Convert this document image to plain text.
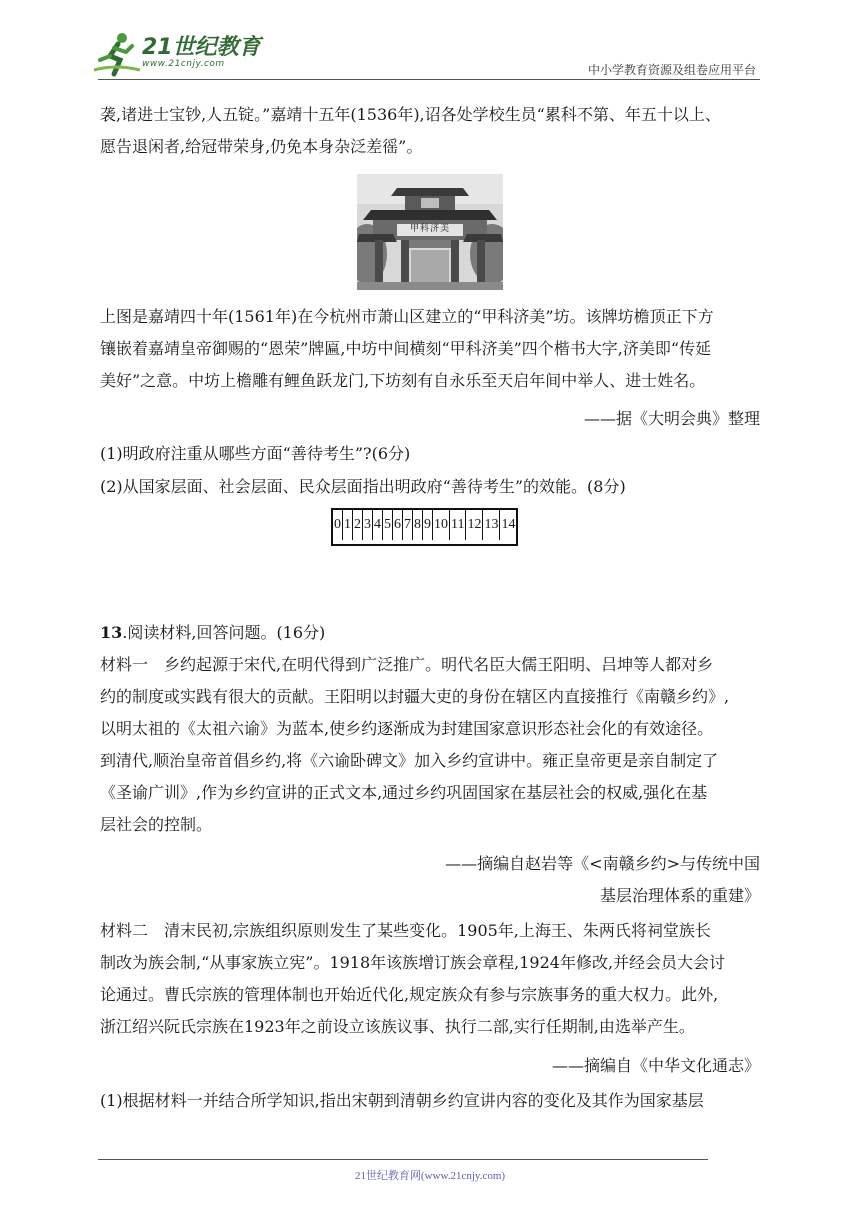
21世纪教育
www.21cnjy.com	中小学教育资源及组卷应用平台
袭,诸进士宝钞,人五锭。”嘉靖十五年(1536年),诏各处学校生员“累科不第、年五十以上、
愿告退闲者,给冠带荣身,仍免本身杂泛差徭”。
甲科济美
上图是嘉靖四十年(1561年)在今杭州市萧山区建立的“甲科济美”坊。该牌坊檐顶正下方
镶嵌着嘉靖皇帝御赐的“恩荣”牌匾,中坊中间横刻“甲科济美”四个楷书大字,济美即“传延
美好”之意。中坊上檐雕有鲤鱼跃龙门,下坊刻有自永乐至天启年间中举人、进士姓名。
——据《大明会典》整理
(1)明政府注重从哪些方面“善待考生”?(6分)
(2)从国家层面、社会层面、民众层面指出明政府“善待考生”的效能。(8分)
0 1 2 3 4 5 6 7 8 9 10 11 12 13 14
13.阅读材料,回答问题。(16分)
材料一　乡约起源于宋代,在明代得到广泛推广。明代名臣大儒王阳明、吕坤等人都对乡
约的制度或实践有很大的贡献。王阳明以封疆大吏的身份在辖区内直接推行《南赣乡约》,
以明太祖的《太祖六谕》为蓝本,使乡约逐渐成为封建国家意识形态社会化的有效途径。
到清代,顺治皇帝首倡乡约,将《六谕卧碑文》加入乡约宣讲中。雍正皇帝更是亲自制定了
《圣谕广训》,作为乡约宣讲的正式文本,通过乡约巩固国家在基层社会的权威,强化在基
层社会的控制。
——摘编自赵岩等《<南赣乡约>与传统中国
基层治理体系的重建》
材料二　清末民初,宗族组织原则发生了某些变化。1905年,上海王、朱两氏将祠堂族长
制改为族会制,“从事家族立宪”。1918年该族增订族会章程,1924年修改,并经会员大会讨
论通过。曹氏宗族的管理体制也开始近代化,规定族众有参与宗族事务的重大权力。此外,
浙江绍兴阮氏宗族在1923年之前设立该族议事、执行二部,实行任期制,由选举产生。
——摘编自《中华文化通志》
(1)根据材料一并结合所学知识,指出宋朝到清朝乡约宣讲内容的变化及其作为国家基层
21世纪教育网(www.21cnjy.com)
